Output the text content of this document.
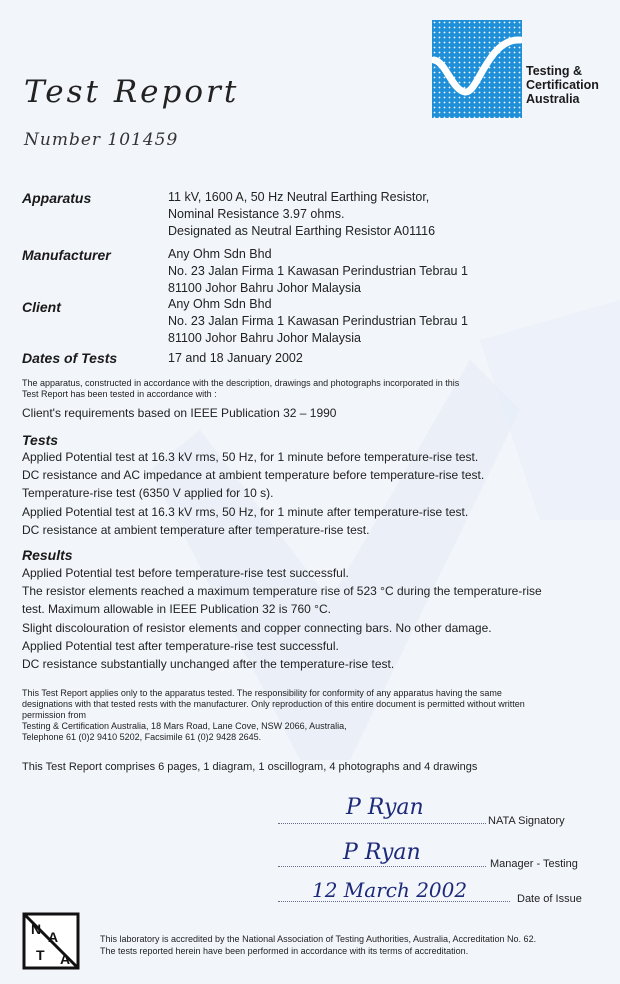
Testing &
Certification
Australia
Test Report
Number 101459
Apparatus	11 kV, 1600 A, 50 Hz Neutral Earthing Resistor,
Nominal Resistance 3.97 ohms.
Designated as Neutral Earthing Resistor A01116
Manufacturer	Any Ohm Sdn Bhd
No. 23 Jalan Firma 1 Kawasan Perindustrian Tebrau 1
81100 Johor Bahru Johor Malaysia
Client	Any Ohm Sdn Bhd
No. 23 Jalan Firma 1 Kawasan Perindustrian Tebrau 1
81100 Johor Bahru Johor Malaysia
Dates of Tests	17 and 18 January 2002
The apparatus, constructed in accordance with the description, drawings and photographs incorporated in this
Test Report has been tested in accordance with :
Client's requirements based on IEEE Publication 32 – 1990
Tests
Applied Potential test at 16.3 kV rms, 50 Hz, for 1 minute before temperature-rise test.
DC resistance and AC impedance at ambient temperature before temperature-rise test.
Temperature-rise test (6350 V applied for 10 s).
Applied Potential test at 16.3 kV rms, 50 Hz, for 1 minute after temperature-rise test.
DC resistance at ambient temperature after temperature-rise test.
Results
Applied Potential test before temperature-rise test successful.
The resistor elements reached a maximum temperature rise of 523 °C during the temperature-rise
test. Maximum allowable in IEEE Publication 32 is 760 °C.
Slight discolouration of resistor elements and copper connecting bars. No other damage.
Applied Potential test after temperature-rise test successful.
DC resistance substantially unchanged after the temperature-rise test.
This Test Report applies only to the apparatus tested. The responsibility for conformity of any apparatus having the same
designations with that tested rests with the manufacturer. Only reproduction of this entire document is permitted without written
permission from
Testing & Certification Australia, 18 Mars Road, Lane Cove, NSW 2066, Australia,
Telephone 61 (0)2 9410 5202, Facsimile 61 (0)2 9428 2645.
This Test Report comprises 6 pages, 1 diagram, 1 oscillogram, 4 photographs and 4 drawings
P Ryan
NATA Signatory
P Ryan	Manager - Testing
12 March 2002	Date of Issue
N A
T A
This laboratory is accredited by the National Association of Testing Authorities, Australia, Accreditation No. 62.
The tests reported herein have been performed in accordance with its terms of accreditation.
